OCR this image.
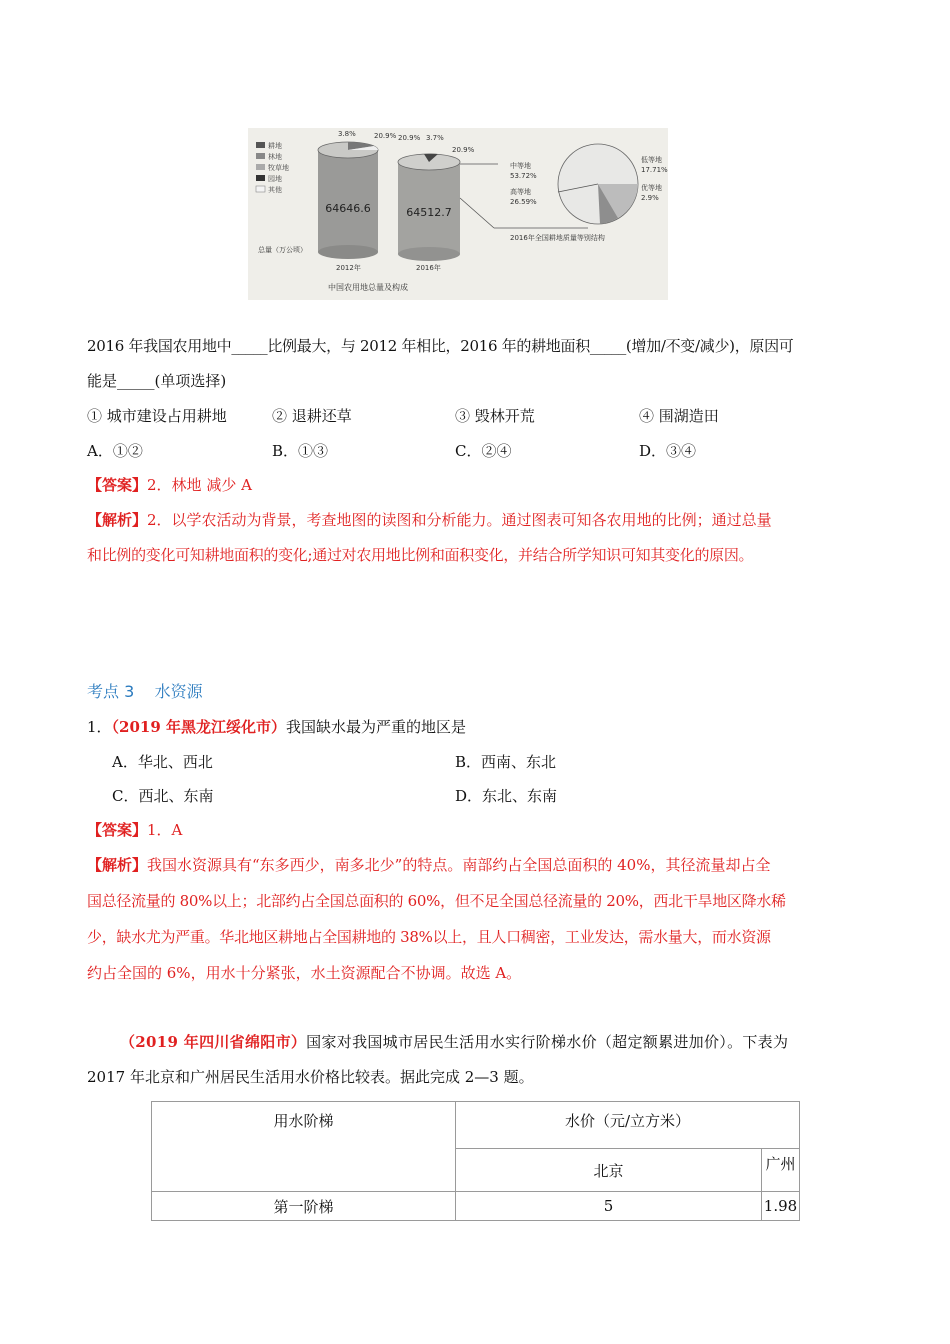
耕地
林地
牧草地
园地
其他
64646.6
3.8%	20.9%
64512.7
20.9% 3.7%
20.9%
总量（万公顷）
2012年	2016年
中国农用地总量及构成
中等地
53.72%
高等地
26.59%
低等地
17.71%
优等地
2.9%
2016年全国耕地质量等别结构
2016 年我国农用地中_____比例最大，与 2012 年相比，2016 年的耕地面积_____(增加/不变/减少)，原因可
能是_____(单项选择)
① 城市建设占用耕地	② 退耕还草	③ 毁林开荒	④ 围湖造田
A．①②	B．①③	C．②④	D．③④
【答案】2．林地 减少 A
【解析】2．以学农活动为背景，考查地图的读图和分析能力。通过图表可知各农用地的比例；通过总量
和比例的变化可知耕地面积的变化;通过对农用地比例和面积变化，并结合所学知识可知其变化的原因。
考点 3    水资源
1．（2019 年黑龙江绥化市）我国缺水最为严重的地区是
A．华北、西北	B．西南、东北
C．西北、东南	D．东北、东南
【答案】1．A
【解析】我国水资源具有“东多西少，南多北少”的特点。南部约占全国总面积的 40%，其径流量却占全
国总径流量的 80%以上；北部约占全国总面积的 60%，但不足全国总径流量的 20%，西北干旱地区降水稀
少，缺水尤为严重。华北地区耕地占全国耕地的 38%以上，且人口稠密，工业发达，需水量大，而水资源
约占全国的 6%，用水十分紧张，水土资源配合不协调。故选 A。
（2019 年四川省绵阳市）国家对我国城市居民生活用水实行阶梯水价（超定额累进加价）。下表为
2017 年北京和广州居民生活用水价格比较表。据此完成 2—3 题。
用水阶梯	水价（元/立方米）	
	北京	广州
第一阶梯	5	1.98
